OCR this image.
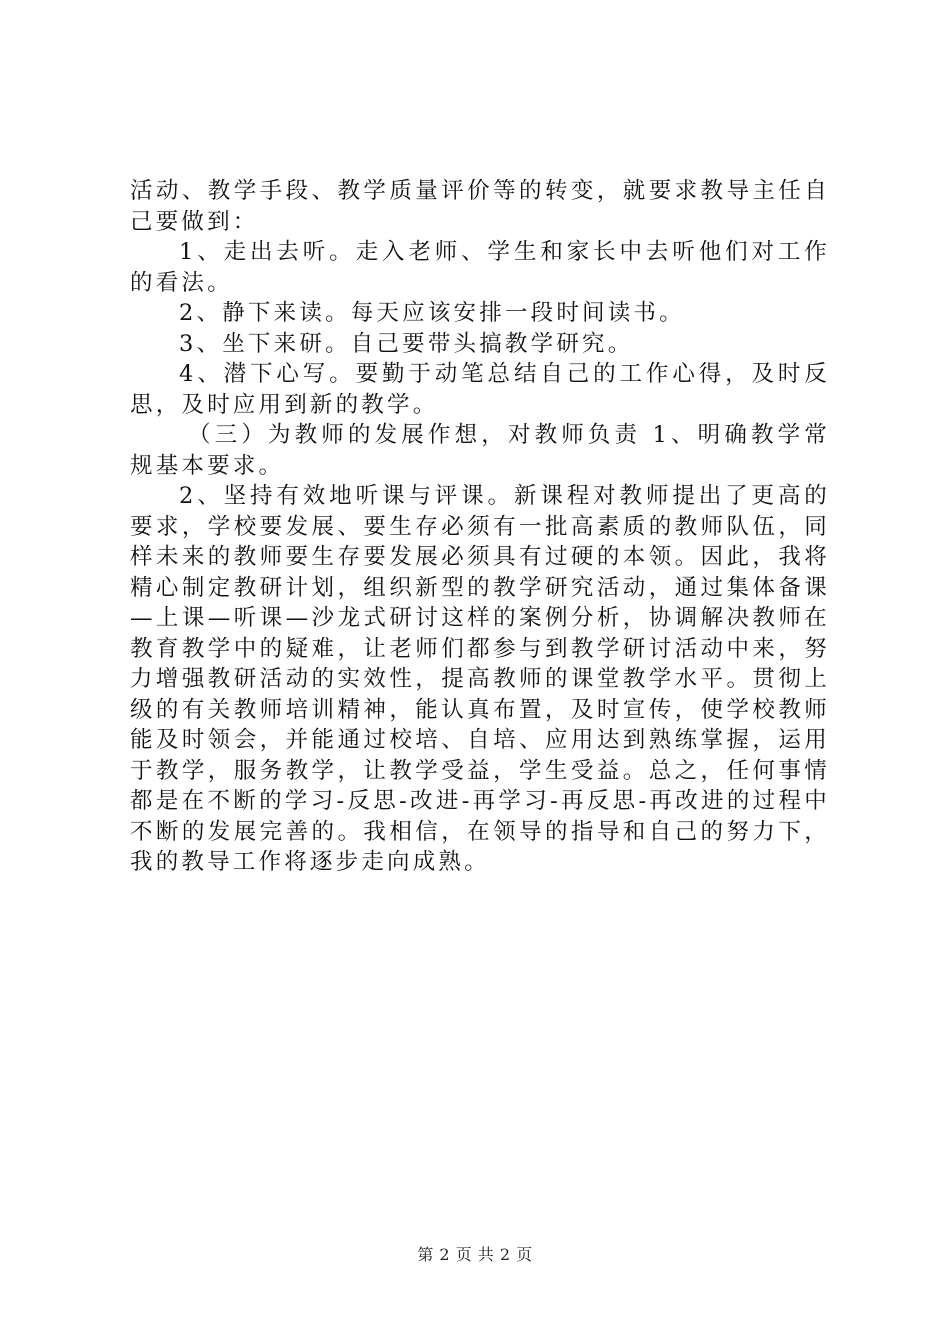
活动、教学手段、教学质量评价等的转变，就要求教导主任自己要做到：

1、走出去听。走入老师、学生和家长中去听他们对工作的看法。

2、静下来读。每天应该安排一段时间读书。

3、坐下来研。自己要带头搞教学研究。

4、潜下心写。要勤于动笔总结自己的工作心得，及时反思，及时应用到新的教学。

（三）为教师的发展作想，对教师负责 1、明确教学常规基本要求。

2、坚持有效地听课与评课。新课程对教师提出了更高的要求，学校要发展、要生存必须有一批高素质的教师队伍，同样未来的教师要生存要发展必须具有过硬的本领。因此，我将精心制定教研计划，组织新型的教学研究活动，通过集体备课—上课—听课—沙龙式研讨这样的案例分析，协调解决教师在教育教学中的疑难，让老师们都参与到教学研讨活动中来，努力增强教研活动的实效性，提高教师的课堂教学水平。贯彻上级的有关教师培训精神，能认真布置，及时宣传，使学校教师能及时领会，并能通过校培、自培、应用达到熟练掌握，运用于教学，服务教学，让教学受益，学生受益。总之，任何事情都是在不断的学习-反思-改进-再学习-再反思-再改进的过程中不断的发展完善的。我相信，在领导的指导和自己的努力下，我的教导工作将逐步走向成熟。

第 2 页 共 2 页
